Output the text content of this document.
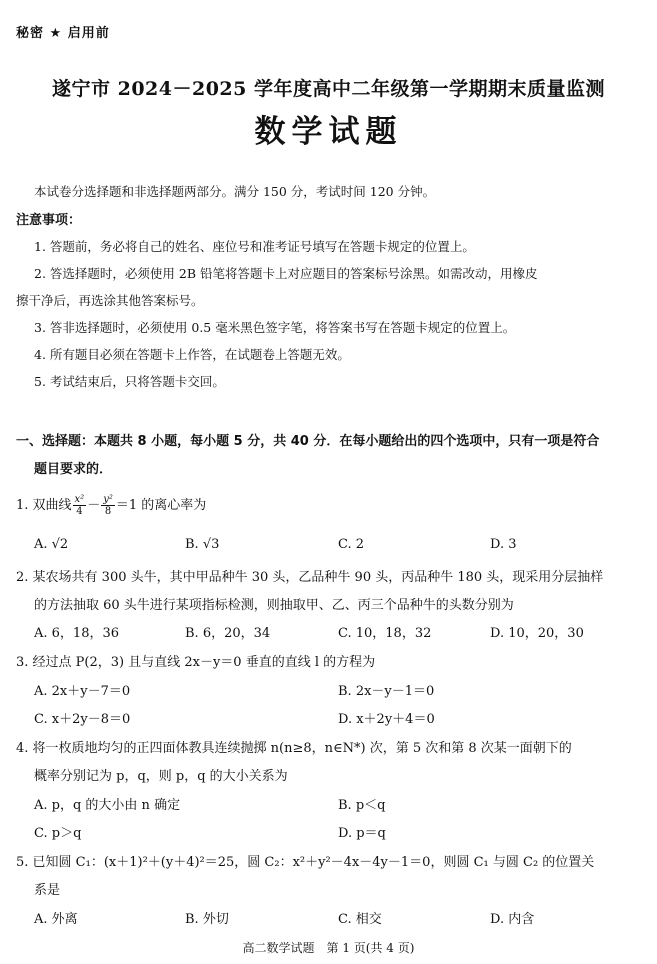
秘密 ★ 启用前
遂宁市 2024－2025 学年度高中二年级第一学期期末质量监测
数学试题
本试卷分选择题和非选择题两部分。满分 150 分，考试时间 120 分钟。
注意事项：
1. 答题前，务必将自己的姓名、座位号和准考证号填写在答题卡规定的位置上。
2. 答选择题时，必须使用 2B 铅笔将答题卡上对应题目的答案标号涂黑。如需改动，用橡皮
擦干净后，再选涂其他答案标号。
3. 答非选择题时，必须使用 0.5 毫米黑色签字笔，将答案书写在答题卡规定的位置上。
4. 所有题目必须在答题卡上作答，在试题卷上答题无效。
5. 考试结束后，只将答题卡交回。
一、选择题：本题共 8 小题，每小题 5 分，共 40 分．在每小题给出的四个选项中，只有一项是符合
题目要求的．
1. 双曲线 $\frac{\text{x²}}{4} - \frac{\text{y²}}{8} =1$ 的离心率为
A. √2	B. √3	C. 2	D. 3
2. 某农场共有 300 头牛，其中甲品种牛 30 头，乙品种牛 90 头，丙品种牛 180 头，现采用分层抽样
的方法抽取 60 头牛进行某项指标检测，则抽取甲、乙、丙三个品种牛的头数分别为
A. 6，18，36	B. 6，20，34	C. 10，18，32	D. 10，20，30
3. 经过点 P(2，3) 且与直线 2x－y＝0 垂直的直线 l 的方程为
A. 2x＋y－7＝0	B. 2x－y－1＝0
C. x＋2y－8＝0	D. x＋2y＋4＝0
4. 将一枚质地均匀的正四面体教具连续抛掷 n(n≥8，n∈N*) 次，第 5 次和第 8 次某一面朝下的
概率分别记为 p，q，则 p，q 的大小关系为
A. p，q 的大小由 n 确定	B. p＜q
C. p＞q	D. p＝q
5. 已知圆 C₁：(x＋1)²＋(y＋4)²＝25，圆 C₂：x²＋y²－4x－4y－1＝0，则圆 C₁ 与圆 C₂ 的位置关
系是
A. 外离	B. 外切	C. 相交	D. 内含
高二数学试题　第 1 页(共 4 页)
